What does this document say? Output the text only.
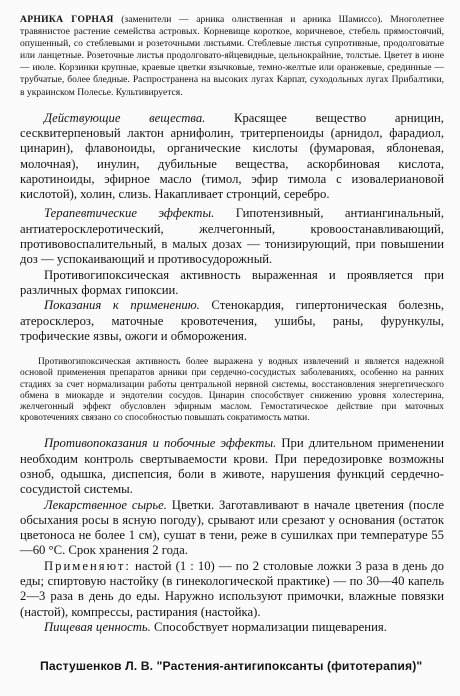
АРНИКА ГОРНАЯ (заменители — арника олиственная и арника Шамиссо). Многолетнее травянистое растение семейства астровых. Корневище короткое, коричневое, стебель прямостоячий, опушенный, со стеблевыми и розеточными листьями. Стеблевые листья супротивные, продолговатые или ланцетные. Розеточные листья продолговато-яйцевидные, цельнокрайние, толстые. Цветет в июне — июле. Корзинки крупные, краевые цветки язычковые, темно-желтые или оранжевые, срединные — трубчатые, более бледные. Распространена на высоких лугах Карпат, суходольных лугах Прибалтики, в украинском Полесье. Культивируется.

Действующие вещества. Красящее вещество арницин, сесквитерпеновый лактон арнифолин, тритерпеноиды (арнидол, фарадиол, цинарин), флавоноиды, органические кислоты (фумаровая, яблоневая, молочная), инулин, дубильные вещества, аскорбиновая кислота, каротиноиды, эфирное масло (тимол, эфир тимола с изовалериановой кислотой), холин, слизь. Накапливает стронций, серебро.

Терапевтические эффекты. Гипотензивный, антиангинальный, антиатеросклеротический, желчегонный, кровоостанавливающий, противовоспалительный, в малых дозах — тонизирующий, при повышении доз — успокаивающий и противосудорожный.

Противогипоксическая активность выраженная и проявляется при различных формах гипоксии.

Показания к применению. Стенокардия, гипертоническая болезнь, атеросклероз, маточные кровотечения, ушибы, раны, фурункулы, трофические язвы, ожоги и обморожения.

Противогипоксическая активность более выражена у водных извлечений и является надежной основой применения препаратов арники при сердечно-сосудистых заболеваниях, особенно на ранних стадиях за счет нормализации работы центральной нервной системы, восстановления энергетического обмена в миокарде и эндотелии сосудов. Цинарин способствует снижению уровня холестерина, желчегонный эффект обусловлен эфирным маслом. Гемостатическое действие при маточных кровотечениях связано со способностью повышать сократимость матки.

Противопоказания и побочные эффекты. При длительном применении необходим контроль свертываемости крови. При передозировке возможны озноб, одышка, диспепсия, боли в животе, нарушения функций сердечно-сосудистой системы.

Лекарственное сырье. Цветки. Заготавливают в начале цветения (после обсыхания росы в ясную погоду), срывают или срезают у основания (остаток цветоноса не более 1 см), сушат в тени, реже в сушилках при температуре 55—60 °С. Срок хранения 2 года.

Применяют: настой (1 : 10) — по 2 столовые ложки 3 раза в день до еды; спиртовую настойку (в гинекологической практике) — по 30—40 капель 2—3 раза в день до еды. Наружно используют примочки, влажные повязки (настой), компрессы, растирания (настойка).

Пищевая ценность. Способствует нормализации пищеварения.

Пастушенков Л. В. "Растения-антигипоксанты (фитотерапия)"
